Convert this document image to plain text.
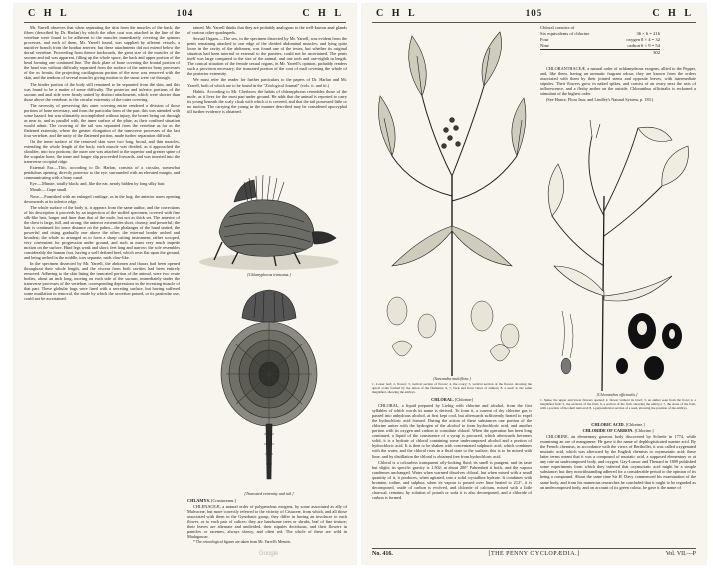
C H L	104	C H L

Mr. Yarrell observes that when separating the skin from the muscles of the back, the fibres (described by Dr. Harlan) by which the other coat was attached in the line of the vertebræ were found to be adherent to the muscles immediately covering the spinous processes, and each of them, Mr. Yarrell found, was supplied by afferent vessels, a nutritive branch from the lumbar arteries; but these attachments did not extend below the dorsal vertebræ. Proceeding from thence backwards, the great size of the muscles of the sacrum and tail was apparent, filling up the whole space, the back and upper portion of the head forming one continued line. The thick plate of bone covering the frontal portion of the head was without difficulty separated from the surface of the anterior bony processes of the os frontis, the projecting cartilaginous portion of the nose was removed with the skin, and the tendons of several muscles giving motion to the snout were cut through.

The hinder portion of the body still remained to be separated from the skin, and this was found to be a matter of some difficulty. The posterior and inferior portions of the sacrum and anal side were firmly united by distinct attachments, which were shorter than those above the vertebræ, to the circular extremity of the outer covering.

The necessity of preserving this outer covering entire rendered a division of those portions of bone necessary, and from the particular form of the part, this was attended with some hazard, but was ultimately accomplished without injury, the bones being cut through as near to, and as parallel with, the inner surface of the plate, as their confined situation would admit. The covering of the tail was separated from the vertebræ as far as the flattened extremity, where the greater elongation of the transverse processes of the last four vertebræ, and the unity of the flattened portion, made further separation difficult.

On the inner surface of the removed skin were two long, broad, and thin muscles, extending the whole length of the back; each muscle was divided, as it approached the shoulder, into two portions; the outer one was attached to the superior and greater spine of the scapular bone, the inner and longer slip proceeded forwards, and was inserted into the transverse occipital ridge.

External Ear.—This, according to Dr. Harlan, consists of a circular, somewhat pendulous opening, directly posterior to the eye, surrounded with an elevated margin, and communicating with a bony canal.

Eye.—Minute, totally black; and, like the ear, nearly hidden by long silky hair.

Mouth.—Gape small.

Nose.—Furnished with an enlarged cartilage, as in the hog; the anterior nares opening downwards at its inferior edge.

The whole surface of the body is, it appears from the same author, and the corrections of his description it proceeds by an inspection of the stuffed specimen, covered with fine silk-like hair, longer and finer than that of the mole, but not as thick set. The anterior of the chest is large, full, and strong; the anterior extremities short, clumsy, and powerful; the hair is continued for some distance on the palms—the phalanges of the hand united; the powerful and rising gradually one above the other; the external border arched and broadest; the whole so arranged as to form a sharp cutting instrument, rather scooped, very convenient for progression under ground, and such as must very much impede motion on the surface. Hind legs weak and short; feet long and narrow; the sole resembles considerably the human foot, having a well defined heel, which rests flat upon the ground, and being arched in the middle, toes separate, nails claw-like.

In the specimen dissected by Mr. Yarrell, the abdomen and thorax had been opened throughout their whole length, and the viscera from both cavities had been entirely removed. Adhering to the skin lining the truncated portion of the animal, were two ovate bodies, about an inch long, moving on each side of the sacrum, immediately under the transverse processes of the vertebræ, corresponding depressions in the investing muscle of that part. These globular bags were lined with a secreting surface, but having suffered some mutilation in removal, the mode by which the secretion passed, or its particular use, could not be ascertained.

tained. Mr. Yarrell thinks that they are probably analogous to the well-known anal glands of various other quadrupeds.

Sexual Organs.—The sex, in the specimen dissected by Mr. Yarrell, was evident from the penis remaining attached to one edge of the divided abdominal muscles; and lying quite loose in the cavity of the abdomen, was found one of the testes, but whether its original situation had been internal or external to the parietes, could not be ascertained. The penis itself was large compared to the size of the animal, and one inch and one-eighth in length. The conical situation of the female sexual organs, in Mr. Yarrell's opinion, probably renders such a provision necessary, the truncated portion of the coat of mail covering the whole of the posterior extremity.

We must refer the reader for further particulars to the papers of Dr. Harlan and Mr. Yarrell, both of which are to be found in the "Zoological Journal" (vols. ii. and iii.)

Habits. According to Mr. Chesbrow the habits of chlamyphorus resembles those of the mole, as it lives for the most part under ground. He adds that the animal is reported to carry its young beneath the scaly cloak with which it is covered, and that the tail possessed little or no motion. The carrying the young in the manner described may be considered apocryphal till further evidence is obtained.

[Chlamyphorus truncatus.]
[Truncated extremity and tail.]

CHLAMYS. [Crustaceans.]

CHLENACEÆ, a natural order of polypetalous exogens, by some associated as ally of Malvaceæ, but more correctly referred to the vicinity of Cistaceæ, from which, and all those associated with them in the Gynobasic group, they differ in having an involucre to each flower, or to each pair of calices: they are handsome trees or shrubs, leaf of fine texture; their leaves are alternate and undivided, their stipules deciduous, and their flowers in panicles or racemes, always showy, and often red. The whole of these are wild in Madagascar.

* The cetacological figures are taken from Mr. Yarrell's Memoir.

Google
C H L	105	C H L
[Sarcandra multiflora.]
1. Lower leaf; 2, flower; 3, vertical section of flower; 4, the ovary; 5, vertical section of the flower, showing the apical ovule formed by the union of the filaments; 6, 7, back and front views of anthers; 8, a seed; 9, the same magnified, showing the embryo.

CHLORAL. [Chlorine]

CHLORAL, a liquid prepared by Liebig with chlorine and alcohol, from the first syllables of which words its name is derived. To form it, a current of dry chlorine gas is passed into anhydrous alcohol, at first kept cool, but afterwards sufficiently heated to expel the hydrochloric acid formed. During the action of these substances one portion of the chlorine unites with the hydrogen of the alcohol to form hydrochloric acid, and another portion with its oxygen and carbon to constitute chloral. When the operation has been long continued, a liquid of the consistence of a syrup is procured, which afterwards becomes solid; it is a hydrate of chloral containing some undecomposed alcohol and a portion of hydrochloric acid. It is then to be shaken with concentrated sulphuric acid, which combines with the water, and the chloral rises in a fluid state to the surface; this is to be mixed with lime, and by distillation the chloral is obtained free from hydrochloric acid.

Chloral is a colourless transparent oily-looking fluid; its smell is pungent, and its taste but slight; its specific gravity is 1.502; at about 200° Fahrenheit it boils, and the vapour condenses unchanged. Water when warmed dissolves chloral, but when mixed with a small quantity of it, it produces, when agitated, into a solid crystalline hydrate. It combines with bromine, iodine, and sulphur; when its vapour is passed over lime heated to 212°, it is decomposed, oxide of carbon is evolved, and chloride of calcium, mixed with a little charcoal, remains; by solution of potash or soda it is also decomposed, and a chloride of carbon is formed.

Chloral consists of
Six equivalents of chlorine	36 × 6 = 216
Four	oxygen 8 × 4 = 32
Nine	carbon 6 × 9 = 54
302

CHLORANTHACEÆ, a natural order of achlamydeous exogens, allied to the Pepper, and, like them, having an aromatic fragrant odour; they are known from the orders associated with them by their jointed stems and opposite leaves, with intermediate stipules. Their flowers grow in naked spikes, and consist of an ovary next the axis of inflorescence, and a fleshy anther on the outside. Chloranthus officinalis is reckoned a stimulant of the highest order.

(See Hance, Flora Jaur, and Lindley's Natural System, p. 183.)

[Chloranthus officinalis.]
1. Spike, the upper and lower flowers opened; 2, flower without its bract; 3, an anther seen from the front; 4, a magnified fruit; 5, the sections of the fruit; 6, a section of the fruit, showing the embryo; 7, the stone of the fruit, with a portion of the shell removed; 8, a perpendicular section of a seed, showing the position of the embryo.

CHLORIC ACID. [Chlorine.]

CHLORIDE OF CARBON. [Chlorine.]

CHLORINE, an elementary gaseous body discovered by Scheele in 1774, while examining an ore of manganese. He gave it the name of dephlogisticated marine acid. By the French chemists, in accordance with the views of Berthollet, it was called oxygenated muriatic acid, which was afterward by the English chemists to oxymuriatic acid; these latter terms meant that it was a compound of muriatic acid, a supposed elementary or at any rate an undecomposed body, and oxygen. Gay-Lussac and Thenard in 1809 published some experiments from which they inferred that oxymuriatic acid might be a simple substance; but they notwithstanding adhered for a considerable period to the opinion of its being a compound. About the same time Sir H. Davy commenced his examination of the same body, and from his numerous researches he concluded that it ought to be regarded as an undecomposed body, and on account of its green colour, he gave it the name of

No. 416.	[THE PENNY CYCLOPÆDIA.]	Vol. VII.—P
